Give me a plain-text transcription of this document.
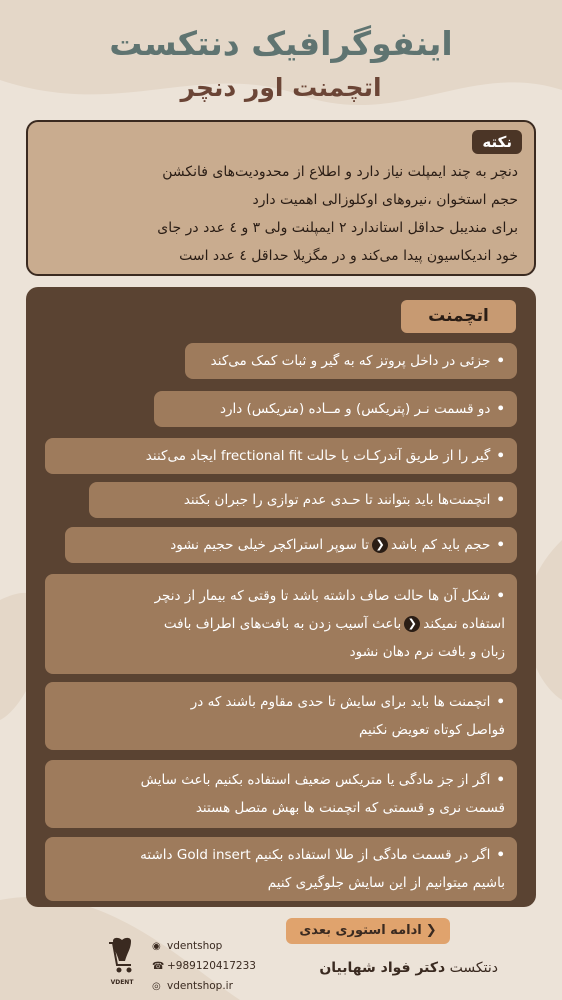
اینفوگرافیک دنتکست
اتچمنت اور دنچر
نکته
دنچر به چند ایمپلت نیاز دارد و اطلاع از محدودیت‌های فانکشن
حجم استخوان ،نیروهای اوکلوزالی اهمیت دارد
برای مندیبل حداقل استاندارد ۲ ایمپلنت ولی ۳ و ٤ عدد در جای
خود اندیکاسیون پیدا می‌کند و در مگزیلا حداقل ٤ عدد است
اتچمنت
•جزئی در داخل پروتز که به گیر و ثبات کمک می‌کند
•دو قسمت نـر (پتریکس) و مــاده (متریکس) دارد
•گیر را از طریق آندرکـات یا حالت frectional fit ایجاد می‌کنند
•اتچمنت‌ها باید بتوانند تا حـدی عدم توازی را جبران بکنند
•حجم باید کم باشد❮تا سوپر استراکچر خیلی حجیم نشود
•شکل آن ها حالت صاف داشته باشد تا وقتی که بیمار از دنچر
استفاده نمیکند❮باعث آسیب زدن به بافت‌های اطراف بافت
زبان و بافت نرم دهان نشود
•اتچمنت ها باید برای سایش تا حدی مقاوم باشند که در
فواصل کوتاه تعویض نکنیم
•اگر از جز مادگی یا متریکس ضعیف استفاده بکنیم باعث سایش
قسمت نری و قسمتی که اتچمنت ها بهش متصل هستند
•اگر در قسمت مادگی از طلا استفاده بکنیم Gold insert داشته
باشیم میتوانیم از این سایش جلوگیری کنیم
❮ادامه استوری بعدی
دنتکست دکتر فواد شهابیان
◉ vdentshop
☎ +989120417233
◎ vdentshop.ir
VDENT
